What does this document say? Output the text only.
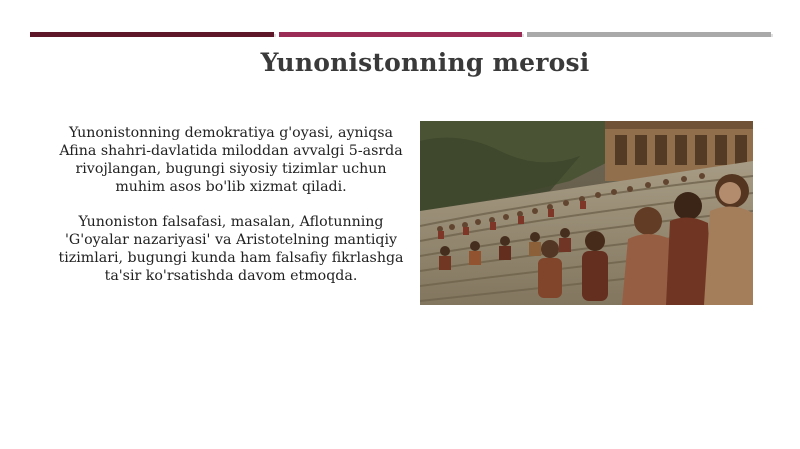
Yunonistonning merosi

Yunonistonning demokratiya g'oyasi, ayniqsa Afina shahri-davlatida miloddan avvalgi 5-asrda rivojlangan, bugungi siyosiy tizimlar uchun muhim asos bo'lib xizmat qiladi.

Yunoniston falsafasi, masalan, Aflotunning 'G'oyalar nazariyasi' va Aristotelning mantiqiy tizimlari, bugungi kunda ham falsafiy fikrlashga ta'sir ko'rsatishda davom etmoqda.
